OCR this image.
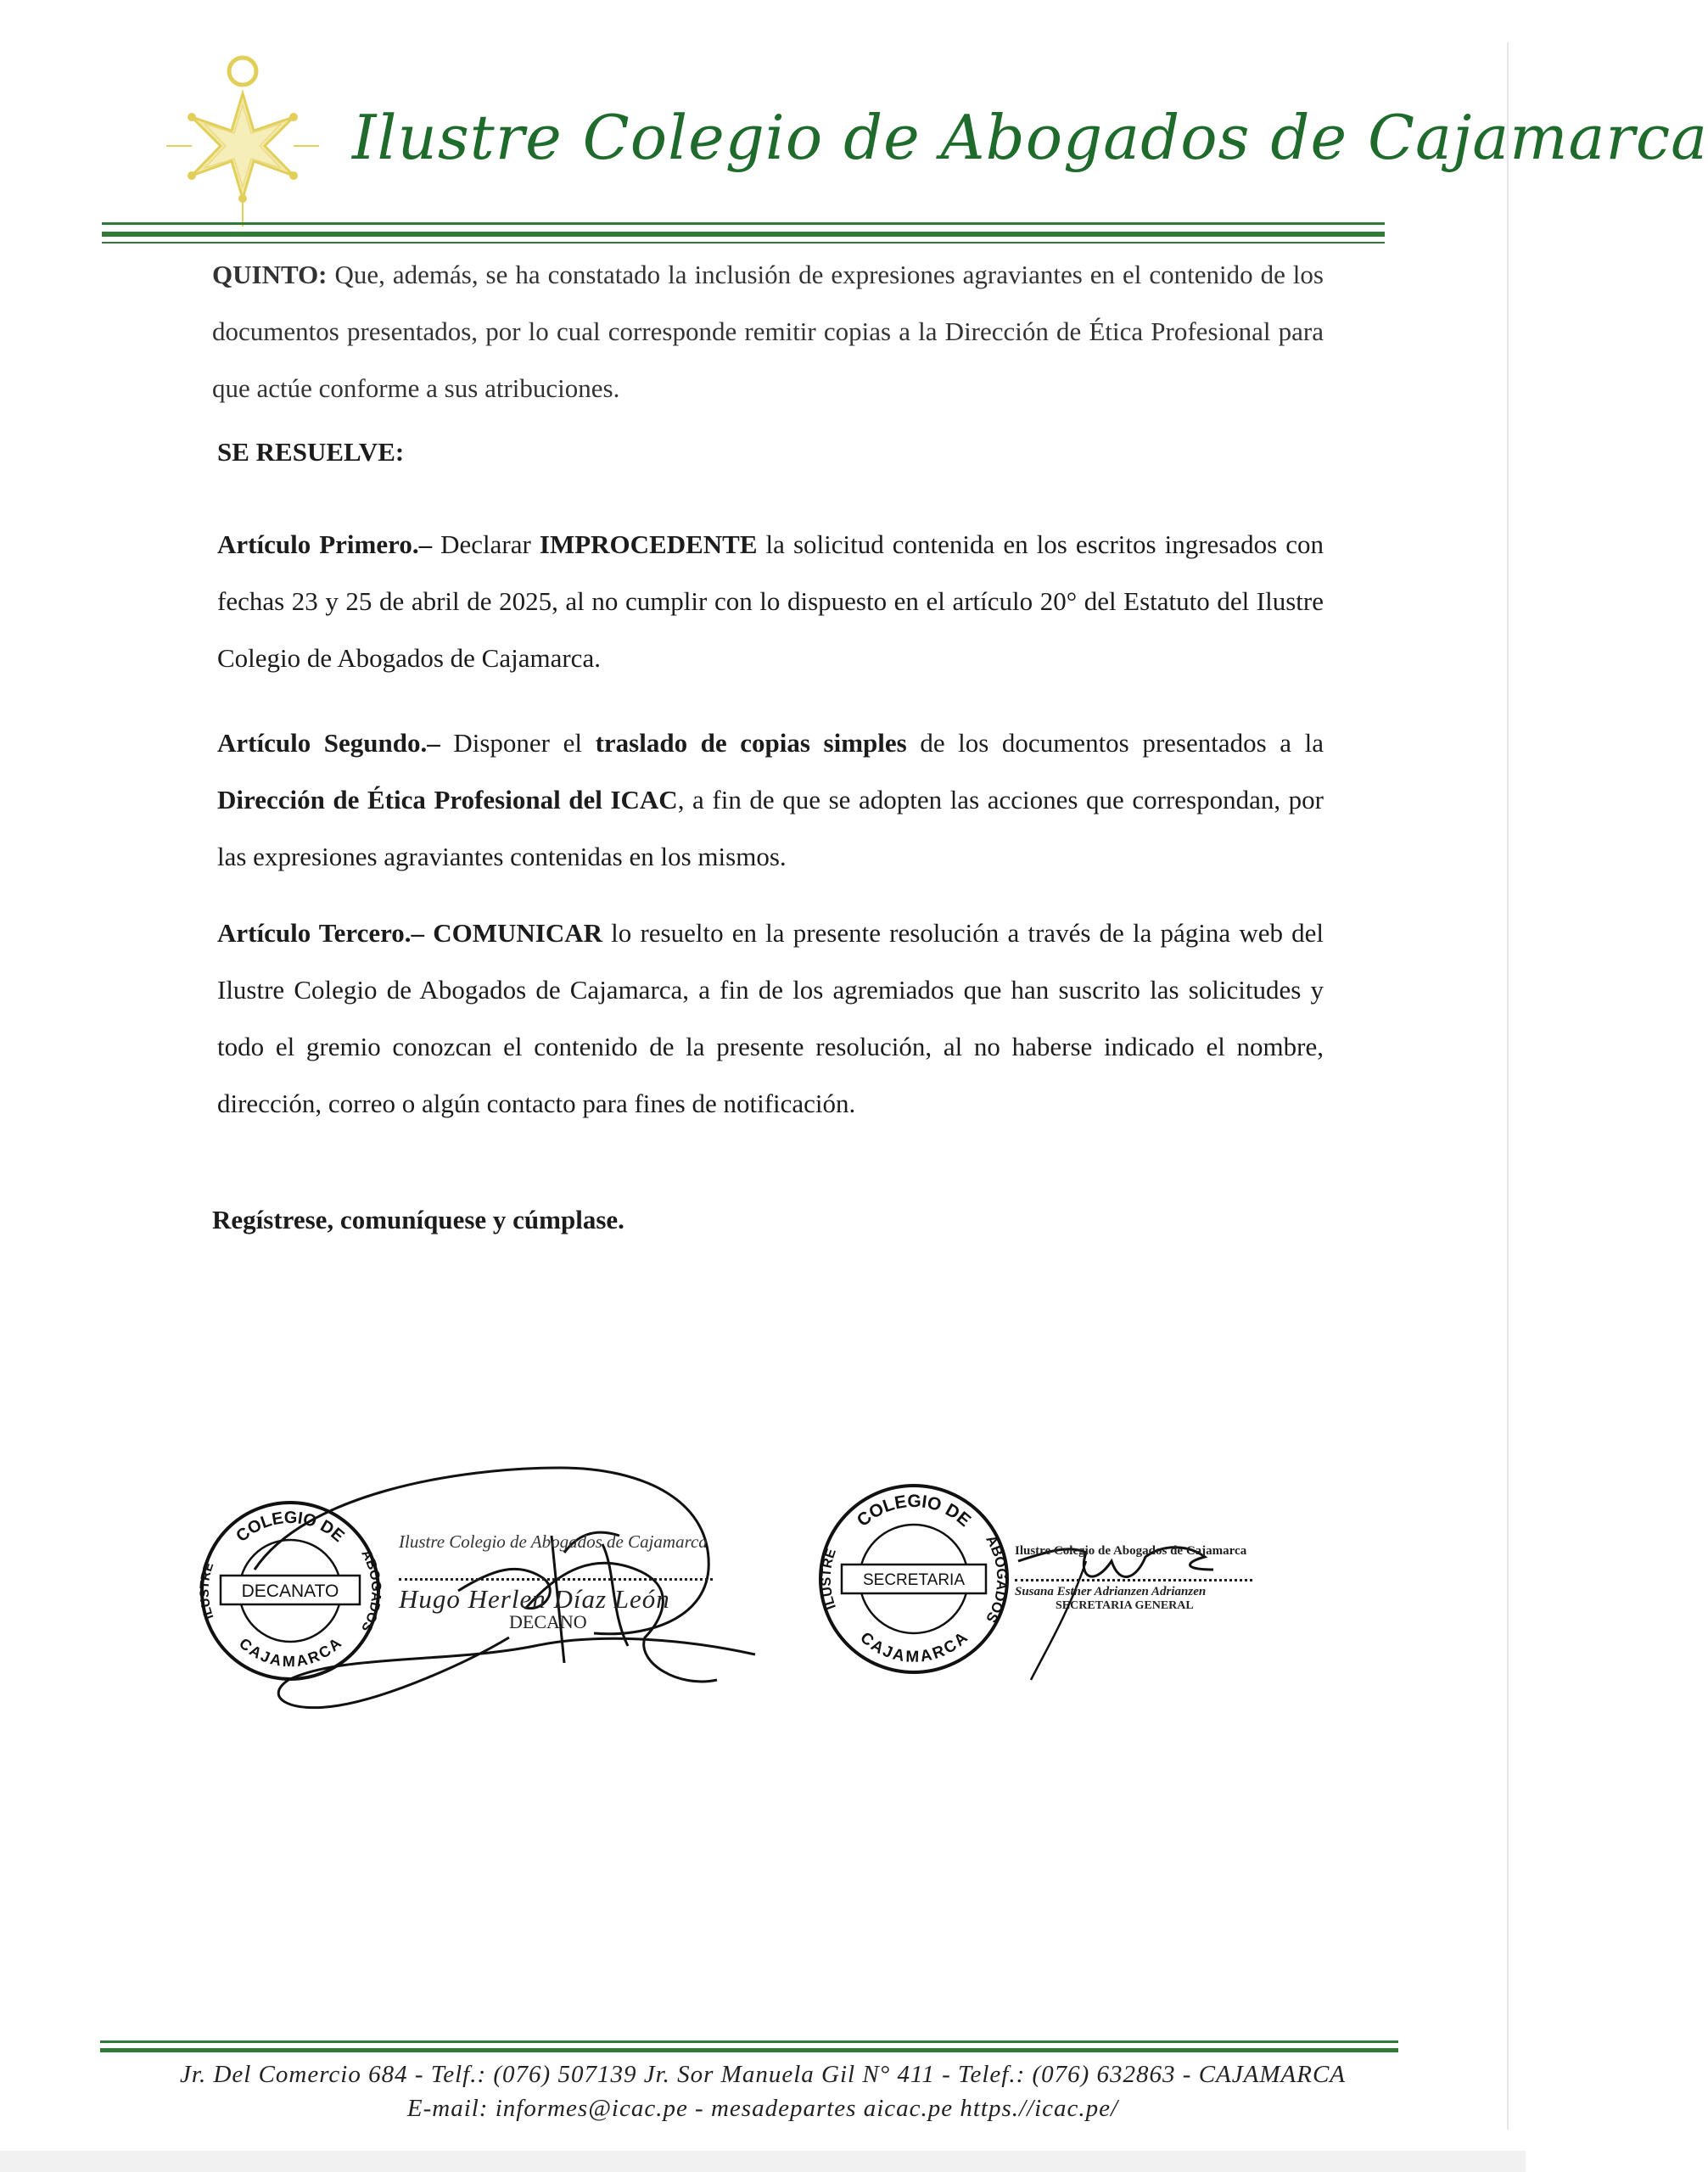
Ilustre Colegio de Abogados de Cajamarca

QUINTO: Que, además, se ha constatado la inclusión de expresiones agraviantes en el contenido de los documentos presentados, por lo cual corresponde remitir copias a la Dirección de Ética Profesional para que actúe conforme a sus atribuciones.

SE RESUELVE:

Artículo Primero.– Declarar IMPROCEDENTE la solicitud contenida en los escritos ingresados con fechas 23 y 25 de abril de 2025, al no cumplir con lo dispuesto en el artículo 20° del Estatuto del Ilustre Colegio de Abogados de Cajamarca.

Artículo Segundo.– Disponer el traslado de copias simples de los documentos presentados a la Dirección de Ética Profesional del ICAC, a fin de que se adopten las acciones que correspondan, por las expresiones agraviantes contenidas en los mismos.

Artículo Tercero.– COMUNICAR lo resuelto en la presente resolución a través de la página web del Ilustre Colegio de Abogados de Cajamarca, a fin de los agremiados que han suscrito las solicitudes y todo el gremio conozcan el contenido de la presente resolución, al no haberse indicado el nombre, dirección, correo o algún contacto para fines de notificación.

Regístrese, comuníquese y cúmplase.

COLEGIO DE
ILUSTRE
ABOGADOS
CAJAMARCA
DECANATO
Ilustre Colegio de Abogados de Cajamarca
Hugo Herlen Díaz León
DECANO
COLEGIO DE
ILUSTRE
ABOGADOS
CAJAMARCA
SECRETARIA
Ilustre Colegio de Abogados de Cajamarca
Susana Esther Adrianzen Adrianzen
SECRETARIA GENERAL
Jr. Del Comercio 684 - Telf.: (076) 507139 Jr. Sor Manuela Gil N° 411 - Telef.: (076) 632863 - CAJAMARCA
E-mail: informes@icac.pe - mesadepartes aicac.pe https.//icac.pe/
